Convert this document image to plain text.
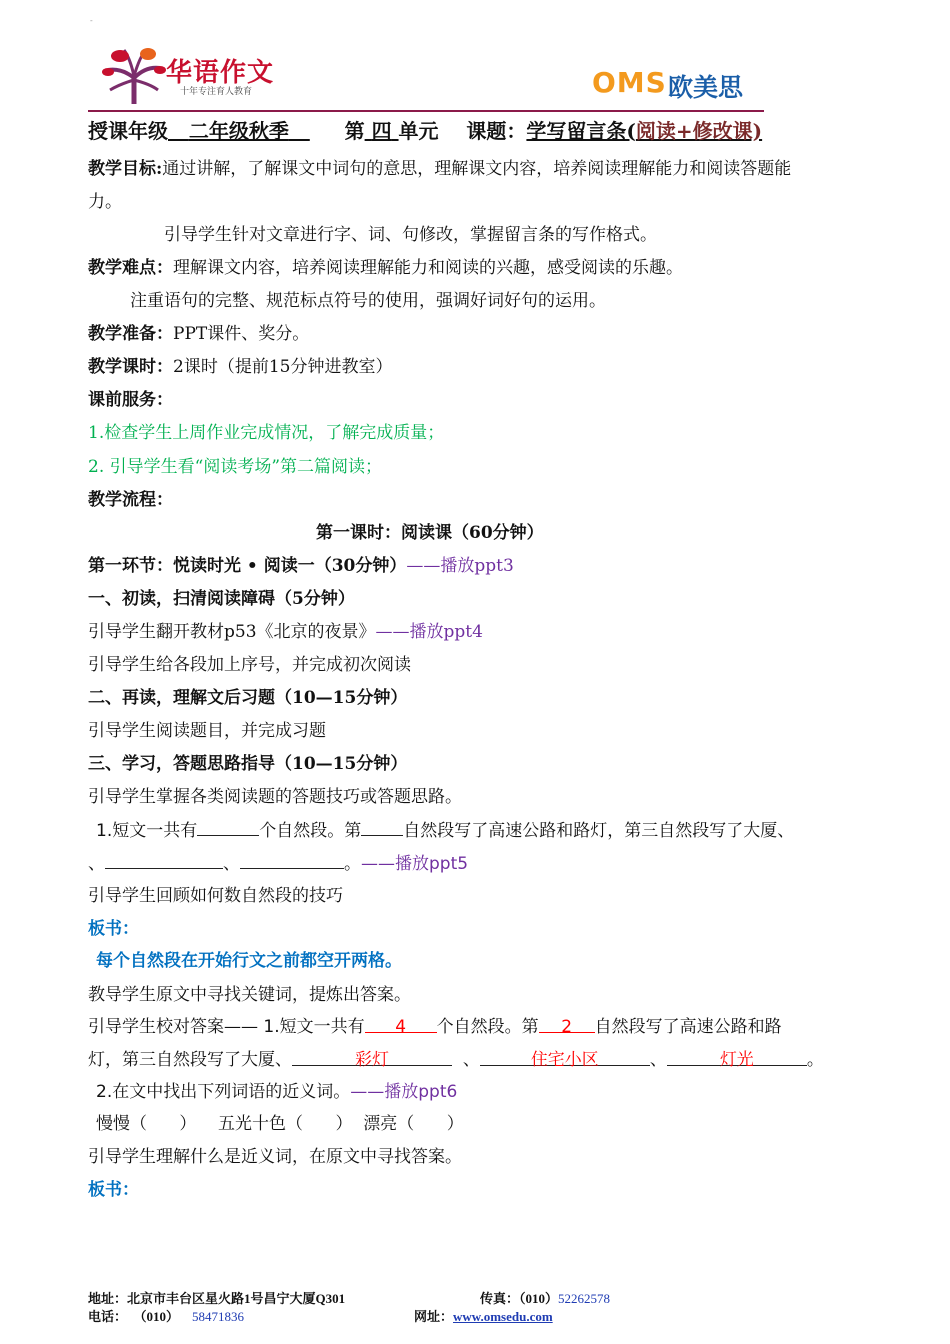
-
华语作文
十年专注育人教育	OMS 欧美思
授课年级 二年级秋季	第 四 单元 课题：学写留言条(阅读+修改课)
教学目标:通过讲解，了解课文中词句的意思，理解课文内容，培养阅读理解能力和阅读答题能
力。
引导学生针对文章进行字、词、句修改，掌握留言条的写作格式。
教学难点：理解课文内容，培养阅读理解能力和阅读的兴趣，感受阅读的乐趣。
注重语句的完整、规范标点符号的使用，强调好词好句的运用。
教学准备：PPT课件、奖分。
教学课时：2课时（提前15分钟进教室）
课前服务：
1.检查学生上周作业完成情况，了解完成质量；
2. 引导学生看“阅读考场”第二篇阅读；
教学流程：
第一课时：阅读课（60分钟）
第一环节：悦读时光 • 阅读一（30分钟）——播放ppt3
一、初读，扫清阅读障碍（5分钟）
引导学生翻开教材p53《北京的夜景》——播放ppt4
引导学生给各段加上序号，并完成初次阅读
二、再读，理解文后习题（10—15分钟）
引导学生阅读题目，并完成习题
三、学习，答题思路指导（10—15分钟）
引导学生掌握各类阅读题的答题技巧或答题思路。
1.短文一共有	个自然段。第 自然段写了高速公路和路灯，第三自然段写了大厦、
、	、	。——播放ppt5
引导学生回顾如何数自然段的技巧
板书：
每个自然段在开始行文之前都空开两格。
教导学生原文中寻找关键词，提炼出答案。
引导学生校对答案—— 1.短文一共有 4 个自然段。第 2 自然段写了高速公路和路
灯，第三自然段写了大厦、	彩灯	、	住宅小区	、	灯光	。
2.在文中找出下列词语的近义词。——播放ppt6
慢慢（      ）    五光十色（      ）  漂亮（      ）
引导学生理解什么是近义词，在原文中寻找答案。
板书：
地址：北京市丰台区星火路1号昌宁大厦Q301	传真：（010）52262578
电话： （010） 58471836	网址：www.omsedu.com
